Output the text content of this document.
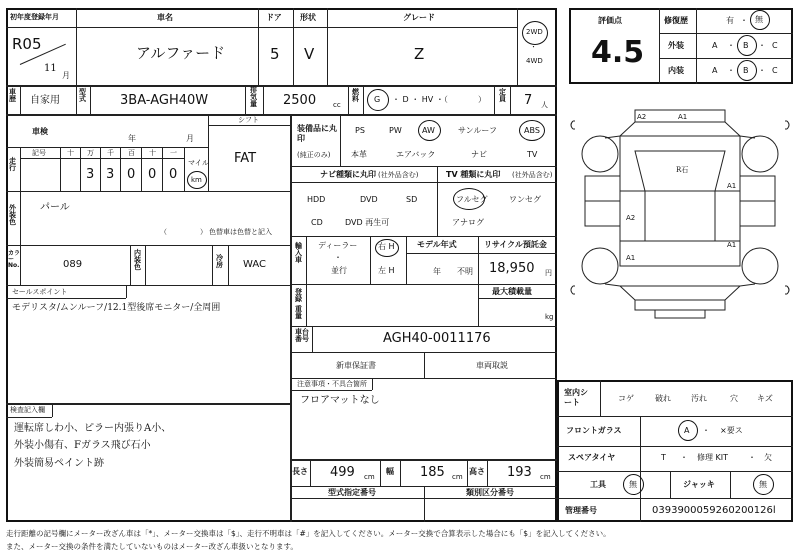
初年度登録年月
R05
11
月
車名
アルファード
ドア
5
形状
V
グレード
Z
2WD
・
4WD
車歴 自家用
型式	3BA-AGH40W
排気量 2500 cc
燃料 G ・ D ・ HV ・（	）
定員 7 人
車検
年	月
走行
記号	十 万 千 百 十 一
3 3 0 0 0
マイル
km
シフト
FAT
外装色
パール
（	） 色替車は色替と記入
カラーNo.	089
内装色
冷房 WAC
セールスポイント
モデリスタ/ムンルーフ/12.1型後席モニター/全周囲
検査記入欄
運転席しわ小、ピラー内張りA小、
外装小傷有、Fガラス飛び石小
外装簡易ペイント跡
装備品に丸印
(純正のみ)
PS	PW	AW	サンルーフ	ABS
本革	エアバック	ナビ	TV
ナビ種類に丸印 (社外品含む)
HDD	DVD	SD
CD	DVD 再生可
TV 種類に丸印 (社外品含む)
フルセグ	ワンセグ
アナログ
輸入車
ディーラー
・
並行
右 H
左 H
モデル年式
年 不明
リサイクル預託金
18,950 円
登録
重量
最大積載量
kg
車台番号	AGH40-0011176
新車保証書	車両取説
注意事項・不具合箇所
フロアマットなし
長さ 499 cm
幅 185 cm
高さ 193 cm
型式指定番号	類別区分番号
評価点
4.5
修復歴	有 ・ 無
外装	A ・ B ・ C
内装	A ・ B ・ C
A2	A1
A1
A2
A1
A1
R石
室内シート	コゲ	破れ	汚れ	穴 キズ
フロントガラス	A ・ ×要ス
スペアタイヤ	T ・ 修理 KIT ・ 欠
工具	無	ジャッキ	無
管理番号	0393900059260200126l
走行距離の記号欄にメーター改ざん車は「*」、メーター交換車は「$」、走行不明車は「#」を記入してください。メーター交換で合算表示した場合にも「$」を記入してください。
また、メーター交換の条件を満たしていないものはメーター改ざん車扱いとなります。
